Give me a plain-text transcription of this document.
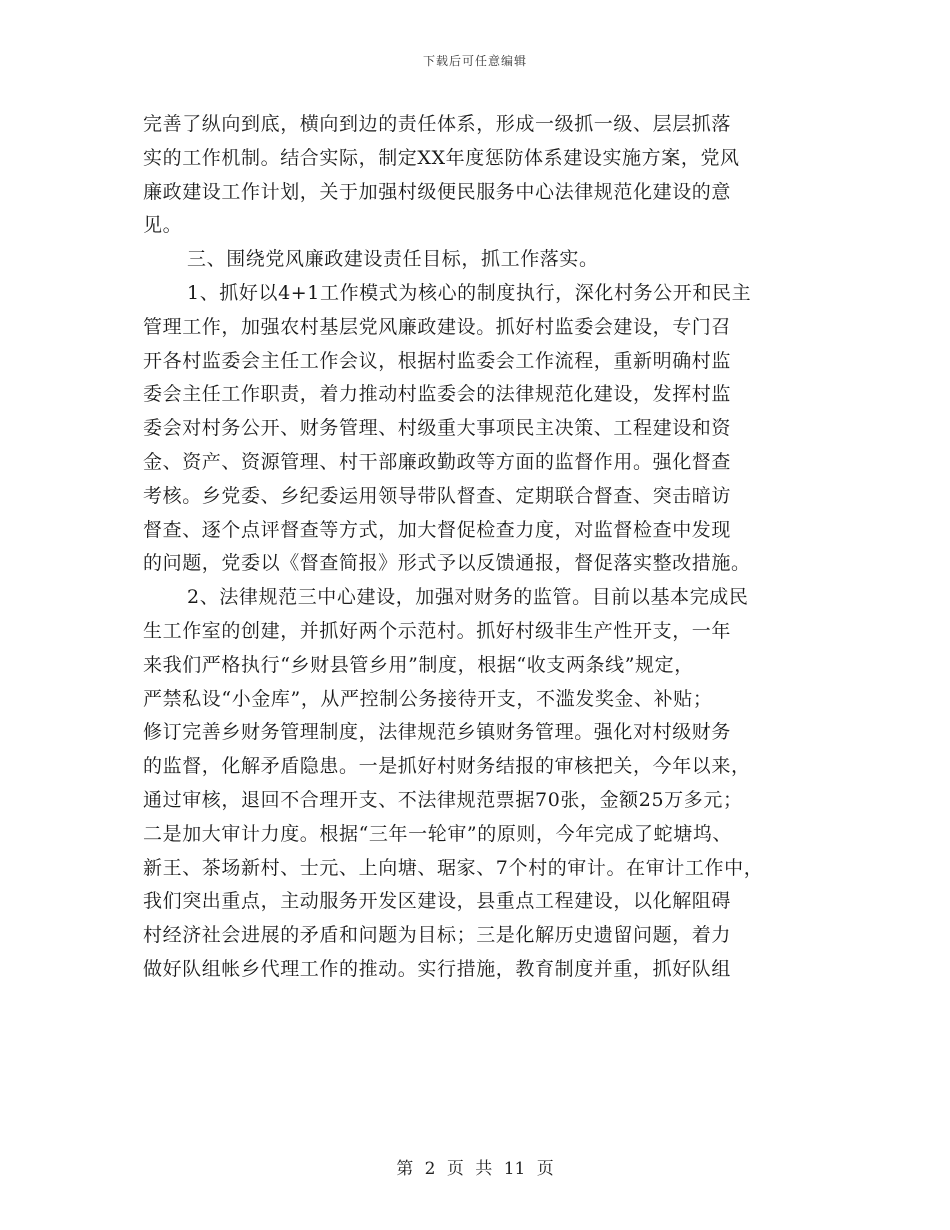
下载后可任意编辑
完善了纵向到底，横向到边的责任体系，形成一级抓一级、层层抓落
实的工作机制。结合实际，制定XX年度惩防体系建设实施方案，党风
廉政建设工作计划，关于加强村级便民服务中心法律规范化建设的意
见。
三、围绕党风廉政建设责任目标，抓工作落实。
1、抓好以4+1工作模式为核心的制度执行，深化村务公开和民主
管理工作，加强农村基层党风廉政建设。抓好村监委会建设，专门召
开各村监委会主任工作会议，根据村监委会工作流程，重新明确村监
委会主任工作职责，着力推动村监委会的法律规范化建设，发挥村监
委会对村务公开、财务管理、村级重大事项民主决策、工程建设和资
金、资产、资源管理、村干部廉政勤政等方面的监督作用。强化督查
考核。乡党委、乡纪委运用领导带队督查、定期联合督查、突击暗访
督查、逐个点评督查等方式，加大督促检查力度，对监督检查中发现
的问题，党委以《督查简报》形式予以反馈通报，督促落实整改措施。
2、法律规范三中心建设，加强对财务的监管。目前以基本完成民
生工作室的创建，并抓好两个示范村。抓好村级非生产性开支，一年
来我们严格执行“乡财县管乡用”制度，根据“收支两条线”规定，
严禁私设“小金库”，从严控制公务接待开支，不滥发奖金、补贴；
修订完善乡财务管理制度，法律规范乡镇财务管理。强化对村级财务
的监督，化解矛盾隐患。一是抓好村财务结报的审核把关，今年以来，
通过审核，退回不合理开支、不法律规范票据70张，金额25万多元；
二是加大审计力度。根据“三年一轮审”的原则，今年完成了蛇塘坞、
新王、茶场新村、士元、上向塘、琚家、7个村的审计。在审计工作中，
我们突出重点，主动服务开发区建设，县重点工程建设，以化解阻碍
村经济社会进展的矛盾和问题为目标；三是化解历史遗留问题，着力
做好队组帐乡代理工作的推动。实行措施，教育制度并重，抓好队组
第 2 页 共 11 页
